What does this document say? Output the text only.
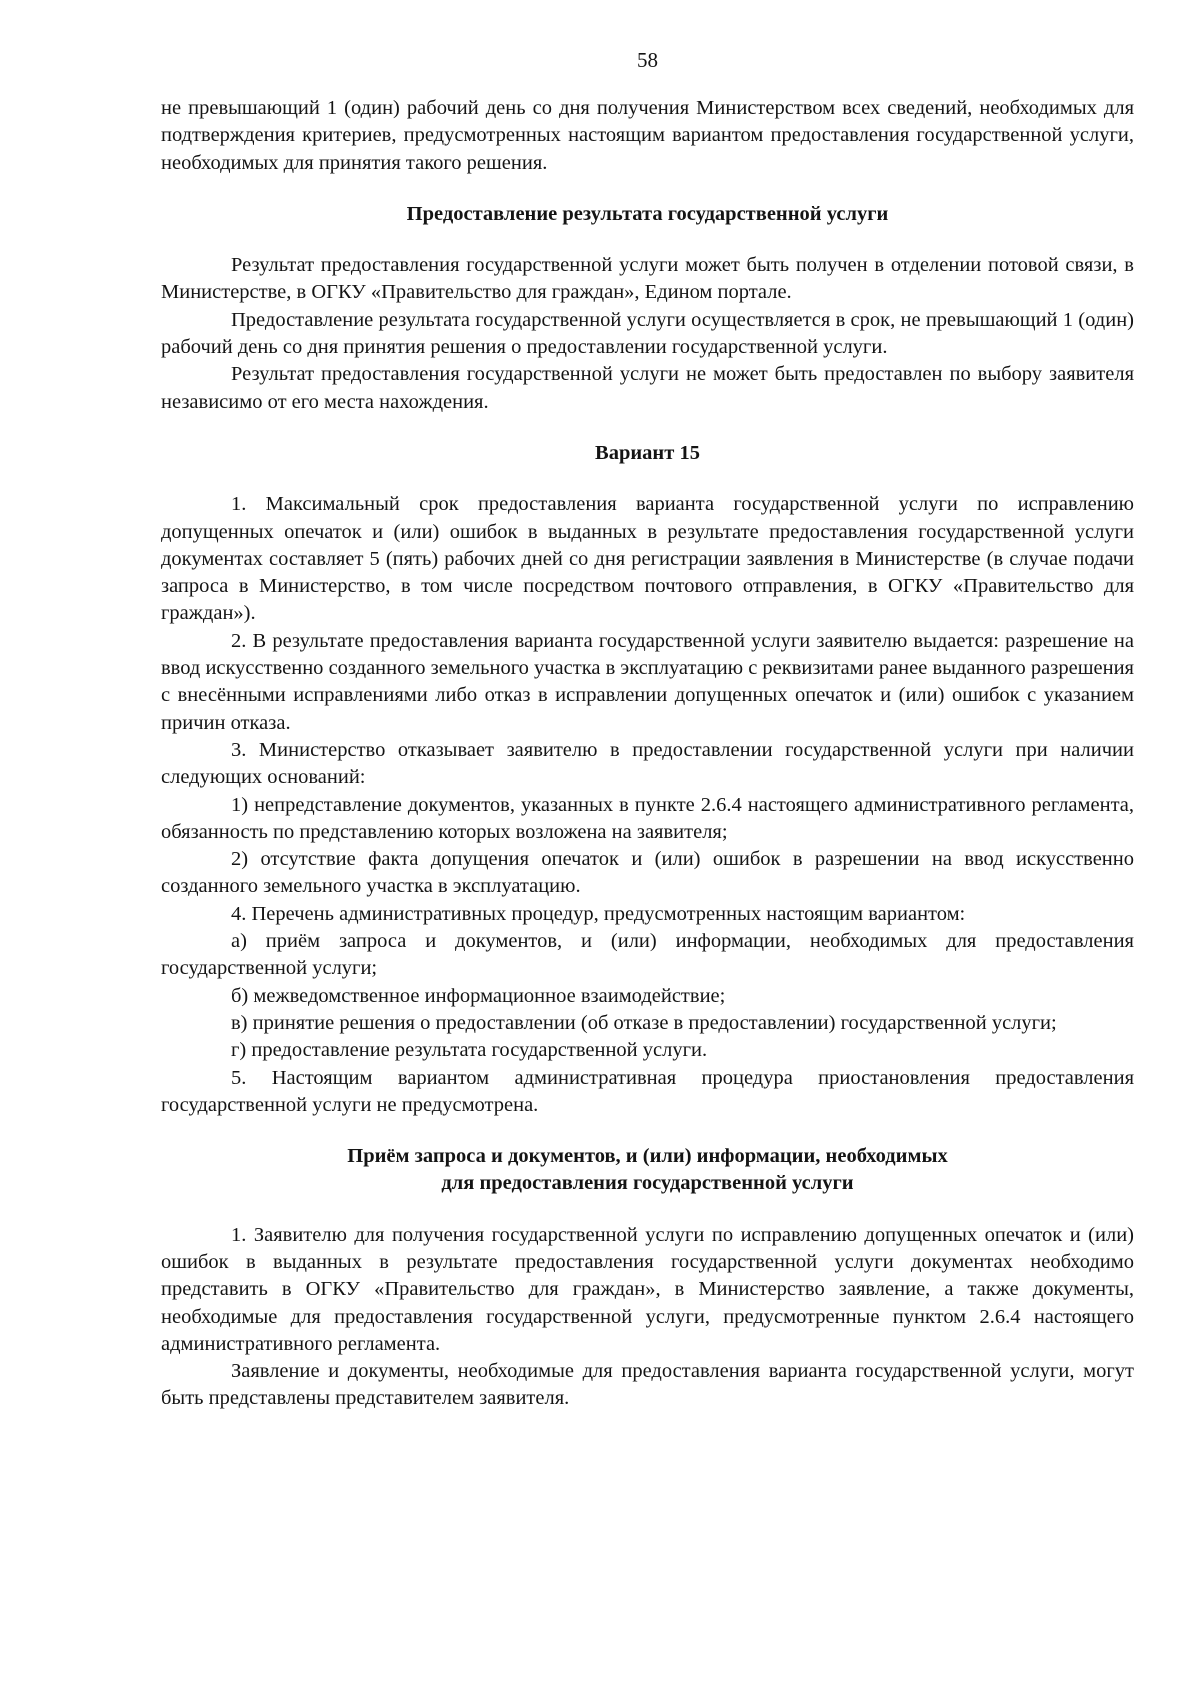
58

не превышающий 1 (один) рабочий день со дня получения Министерством всех сведений, необходимых для подтверждения критериев, предусмотренных настоящим вариантом предоставления государственной услуги, необходимых для принятия такого решения.

Предоставление результата государственной услуги

Результат предоставления государственной услуги может быть получен в отделении потовой связи, в Министерстве, в ОГКУ «Правительство для граждан», Едином портале.

Предоставление результата государственной услуги осуществляется в срок, не превышающий 1 (один) рабочий день со дня принятия решения о предоставлении государственной услуги.

Результат предоставления государственной услуги не может быть предоставлен по выбору заявителя независимо от его места нахождения.

Вариант 15

1. Максимальный срок предоставления варианта государственной услуги по исправлению допущенных опечаток и (или) ошибок в выданных в результате предоставления государственной услуги документах составляет 5 (пять) рабочих дней со дня регистрации заявления в Министерстве (в случае подачи запроса в Министерство, в том числе посредством почтового отправления, в ОГКУ «Правительство для граждан»).

2. В результате предоставления варианта государственной услуги заявителю выдается: разрешение на ввод искусственно созданного земельного участка в эксплуатацию с реквизитами ранее выданного разрешения с внесёнными исправлениями либо отказ в исправлении допущенных опечаток и (или) ошибок с указанием причин отказа.

3. Министерство отказывает заявителю в предоставлении государственной услуги при наличии следующих оснований:

1) непредставление документов, указанных в пункте 2.6.4 настоящего административного регламента, обязанность по представлению которых возложена на заявителя;

2) отсутствие факта допущения опечаток и (или) ошибок в разрешении на ввод искусственно созданного земельного участка в эксплуатацию.

4. Перечень административных процедур, предусмотренных настоящим вариантом:

а) приём запроса и документов, и (или) информации, необходимых для предоставления государственной услуги;

б) межведомственное информационное взаимодействие;

в) принятие решения о предоставлении (об отказе в предоставлении) государственной услуги;

г) предоставление результата государственной услуги.

5. Настоящим вариантом административная процедура приостановления предоставления государственной услуги не предусмотрена.

Приём запроса и документов, и (или) информации, необходимых
для предоставления государственной услуги

1. Заявителю для получения государственной услуги по исправлению допущенных опечаток и (или) ошибок в выданных в результате предоставления государственной услуги документах необходимо представить в ОГКУ «Правительство для граждан», в Министерство заявление, а также документы, необходимые для предоставления государственной услуги, предусмотренные пунктом 2.6.4 настоящего административного регламента.

Заявление и документы, необходимые для предоставления варианта государственной услуги, могут быть представлены представителем заявителя.
